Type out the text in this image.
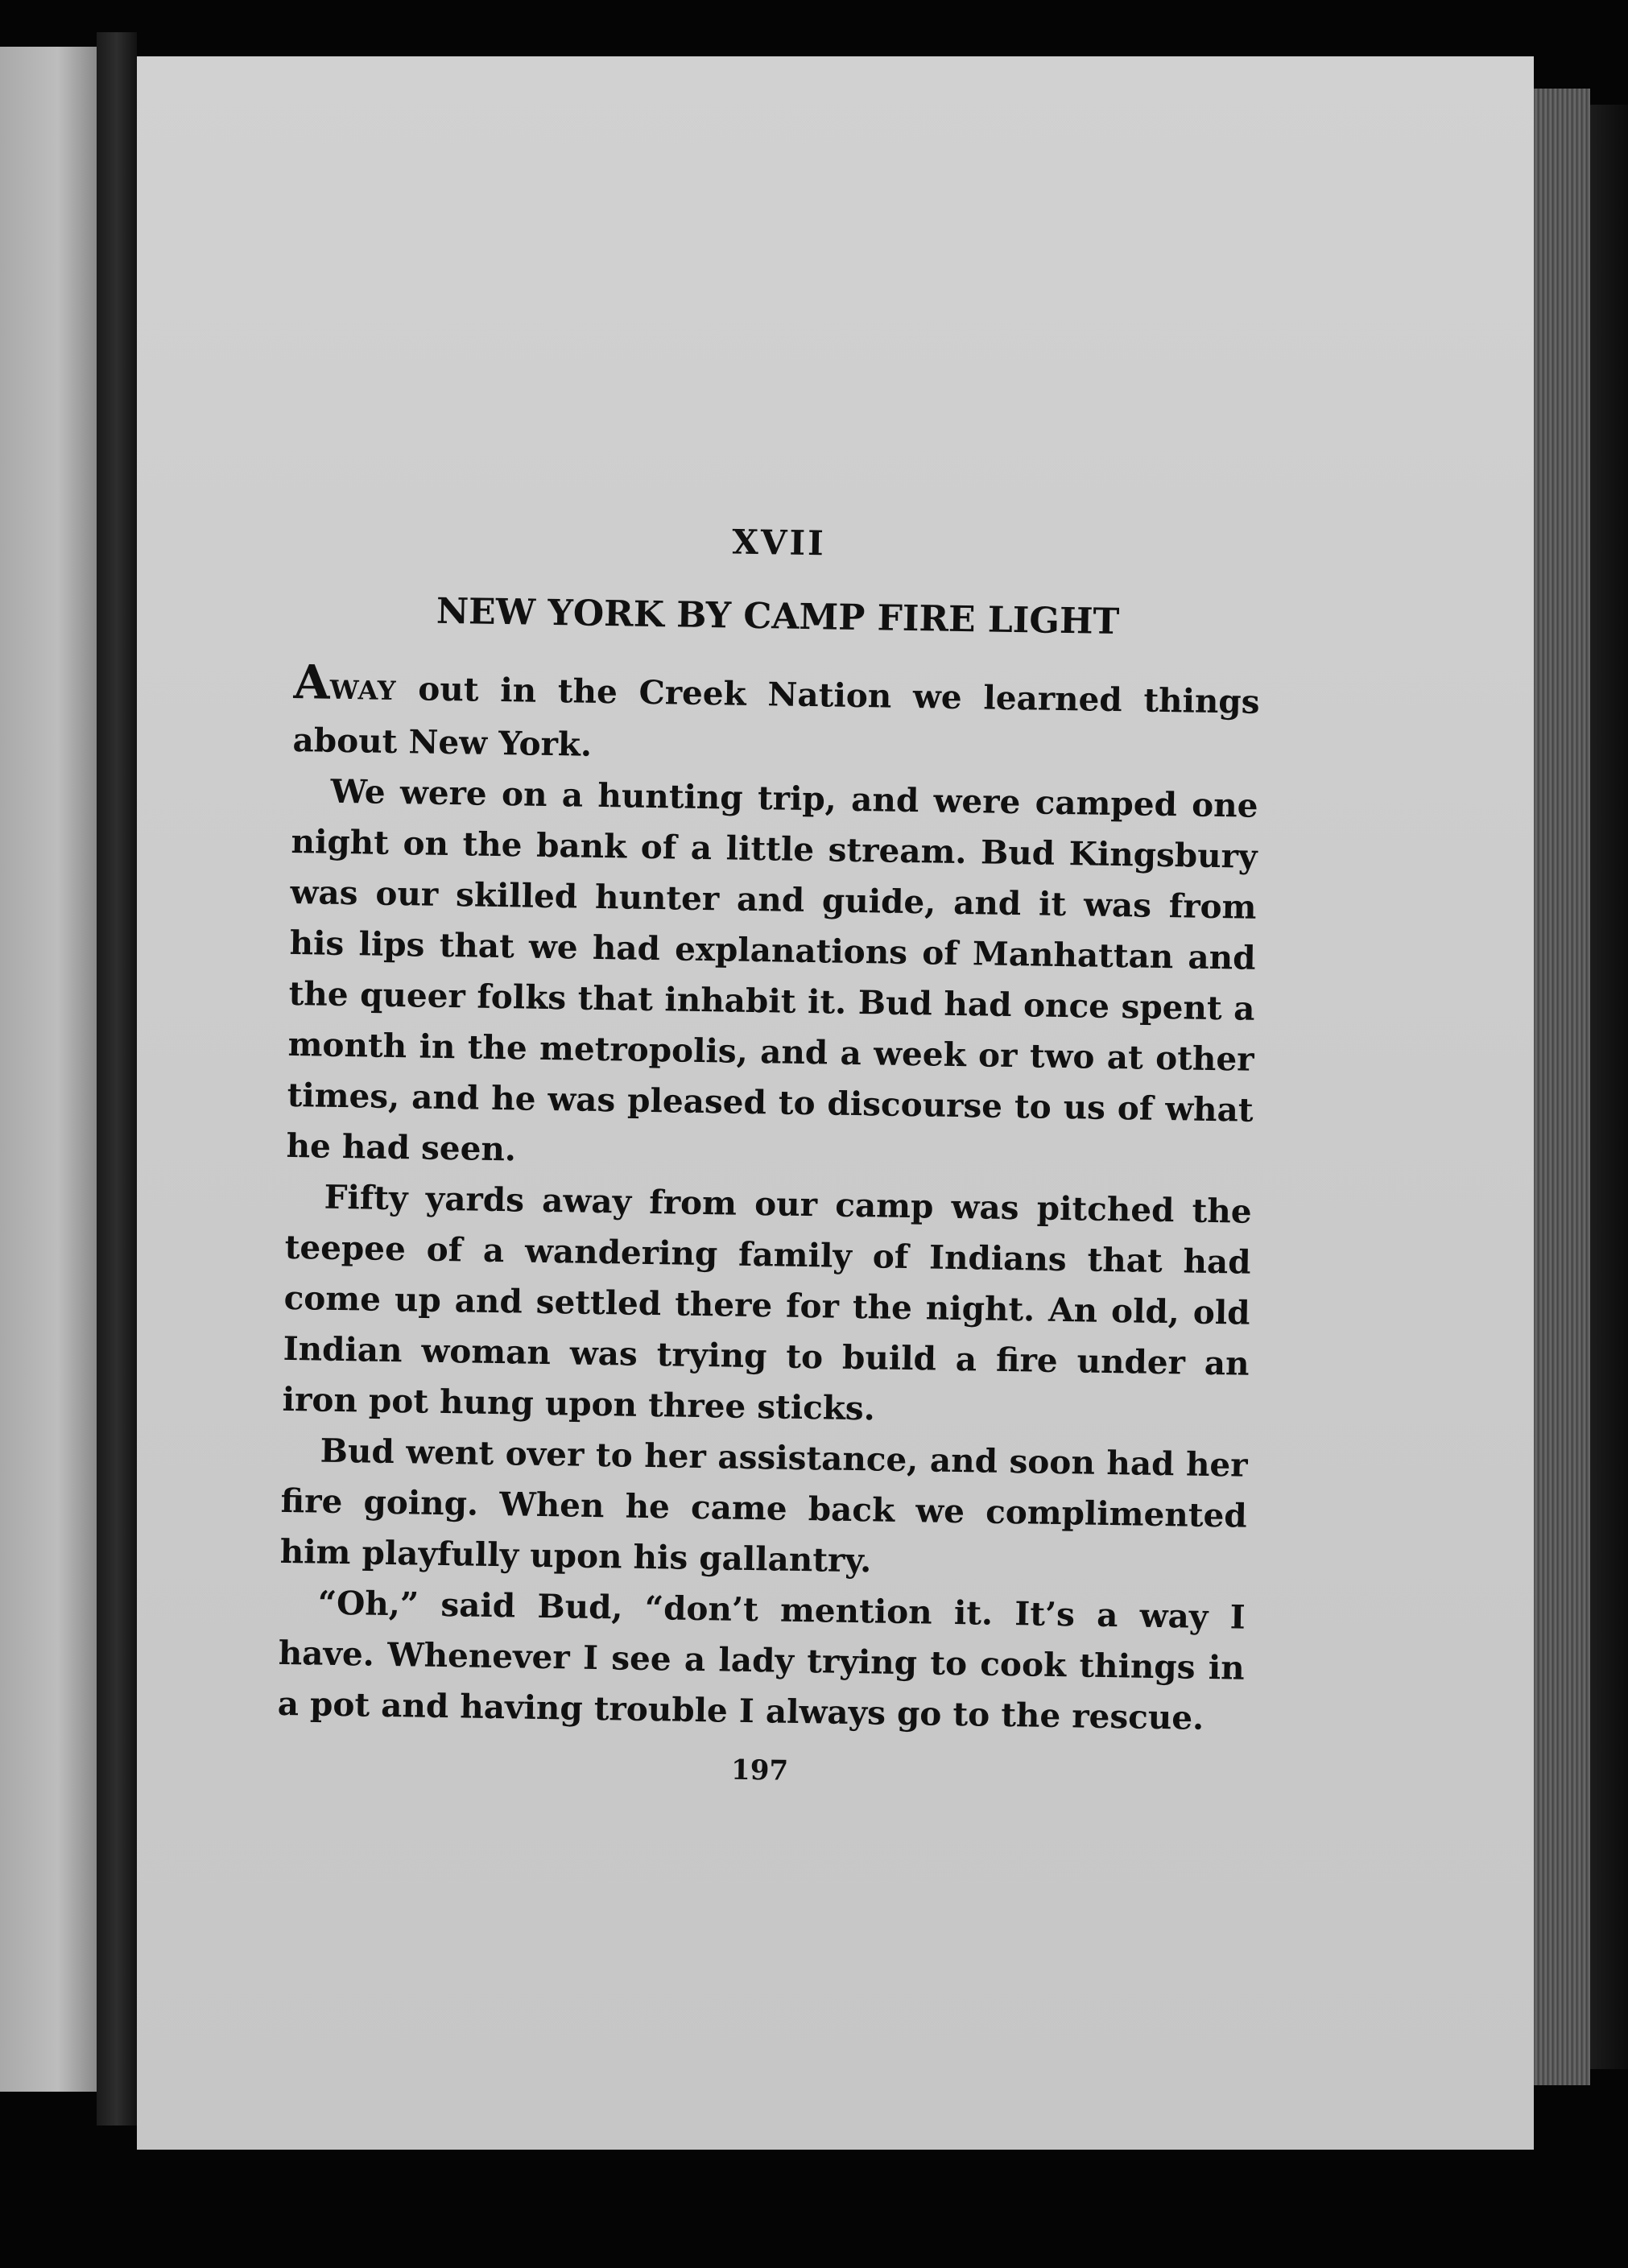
XVII
NEW YORK BY CAMP FIRE LIGHT

AWAY out in the Creek Nation we learned things about New York.

We were on a hunting trip, and were camped one night on the bank of a little stream. Bud Kingsbury was our skilled hunter and guide, and it was from his lips that we had explanations of Manhattan and the queer folks that inhabit it. Bud had once spent a month in the metropolis, and a week or two at other times, and he was pleased to discourse to us of what he had seen.

Fifty yards away from our camp was pitched the teepee of a wandering family of Indians that had come up and settled there for the night. An old, old Indian woman was trying to build a fire under an iron pot hung upon three sticks.

Bud went over to her assistance, and soon had her fire going. When he came back we complimented him playfully upon his gallantry.

“Oh,” said Bud, “don’t mention it. It’s a way I have. Whenever I see a lady trying to cook things in a pot and having trouble I always go to the rescue.

197
